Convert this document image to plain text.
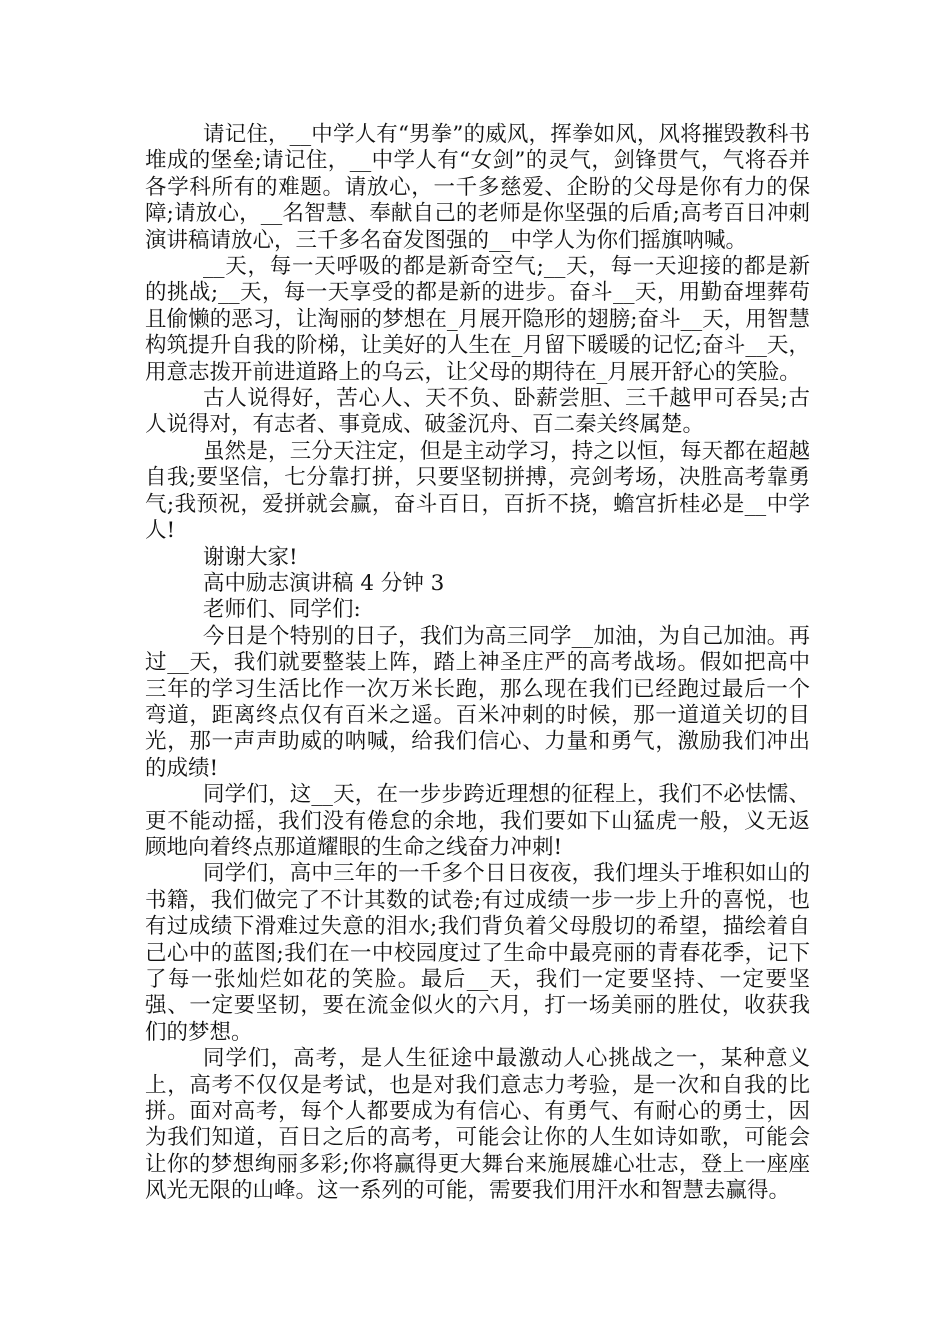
请记住，__中学人有“男拳”的威风，挥拳如风，风将摧毁教科书堆成的堡垒;请记住，__中学人有“女剑”的灵气，剑锋贯气，气将吞并各学科所有的难题。请放心，一千多慈爱、企盼的父母是你有力的保障;请放心，__名智慧、奉献自己的老师是你坚强的后盾;高考百日冲刺演讲稿请放心，三千多名奋发图强的__中学人为你们摇旗呐喊。

__天，每一天呼吸的都是新奇空气;__天，每一天迎接的都是新的挑战;__天，每一天享受的都是新的进步。奋斗__天，用勤奋埋葬苟且偷懒的恶习，让淘丽的梦想在_月展开隐形的翅膀;奋斗__天，用智慧构筑提升自我的阶梯，让美好的人生在_月留下暖暖的记忆;奋斗__天，用意志拨开前进道路上的乌云，让父母的期待在_月展开舒心的笑脸。

古人说得好，苦心人、天不负、卧薪尝胆、三千越甲可吞吴;古人说得对，有志者、事竟成、破釜沉舟、百二秦关终属楚。

虽然是，三分天注定，但是主动学习，持之以恒，每天都在超越自我;要坚信，七分靠打拼，只要坚韧拼搏，亮剑考场，决胜高考靠勇气;我预祝，爱拼就会赢，奋斗百日，百折不挠，蟾宫折桂必是__中学人!

谢谢大家!

高中励志演讲稿 4 分钟 3

老师们、同学们:

今日是个特别的日子，我们为高三同学__加油，为自己加油。再过__天，我们就要整装上阵，踏上神圣庄严的高考战场。假如把高中三年的学习生活比作一次万米长跑，那么现在我们已经跑过最后一个弯道，距离终点仅有百米之遥。百米冲刺的时候，那一道道关切的目光，那一声声助威的呐喊，给我们信心、力量和勇气，激励我们冲出的成绩!

同学们，这__天，在一步步跨近理想的征程上，我们不必怯懦、更不能动摇，我们没有倦怠的余地，我们要如下山猛虎一般，义无返顾地向着终点那道耀眼的生命之线奋力冲刺!

同学们，高中三年的一千多个日日夜夜，我们埋头于堆积如山的书籍，我们做完了不计其数的试卷;有过成绩一步一步上升的喜悦，也有过成绩下滑难过失意的泪水;我们背负着父母殷切的希望，描绘着自己心中的蓝图;我们在一中校园度过了生命中最亮丽的青春花季，记下了每一张灿烂如花的笑脸。最后__天，我们一定要坚持、一定要坚强、一定要坚韧，要在流金似火的六月，打一场美丽的胜仗，收获我们的梦想。

同学们，高考，是人生征途中最激动人心挑战之一，某种意义上，高考不仅仅是考试，也是对我们意志力考验，是一次和自我的比拼。面对高考，每个人都要成为有信心、有勇气、有耐心的勇士，因为我们知道，百日之后的高考，可能会让你的人生如诗如歌，可能会让你的梦想绚丽多彩;你将赢得更大舞台来施展雄心壮志，登上一座座风光无限的山峰。这一系列的可能，需要我们用汗水和智慧去赢得。
